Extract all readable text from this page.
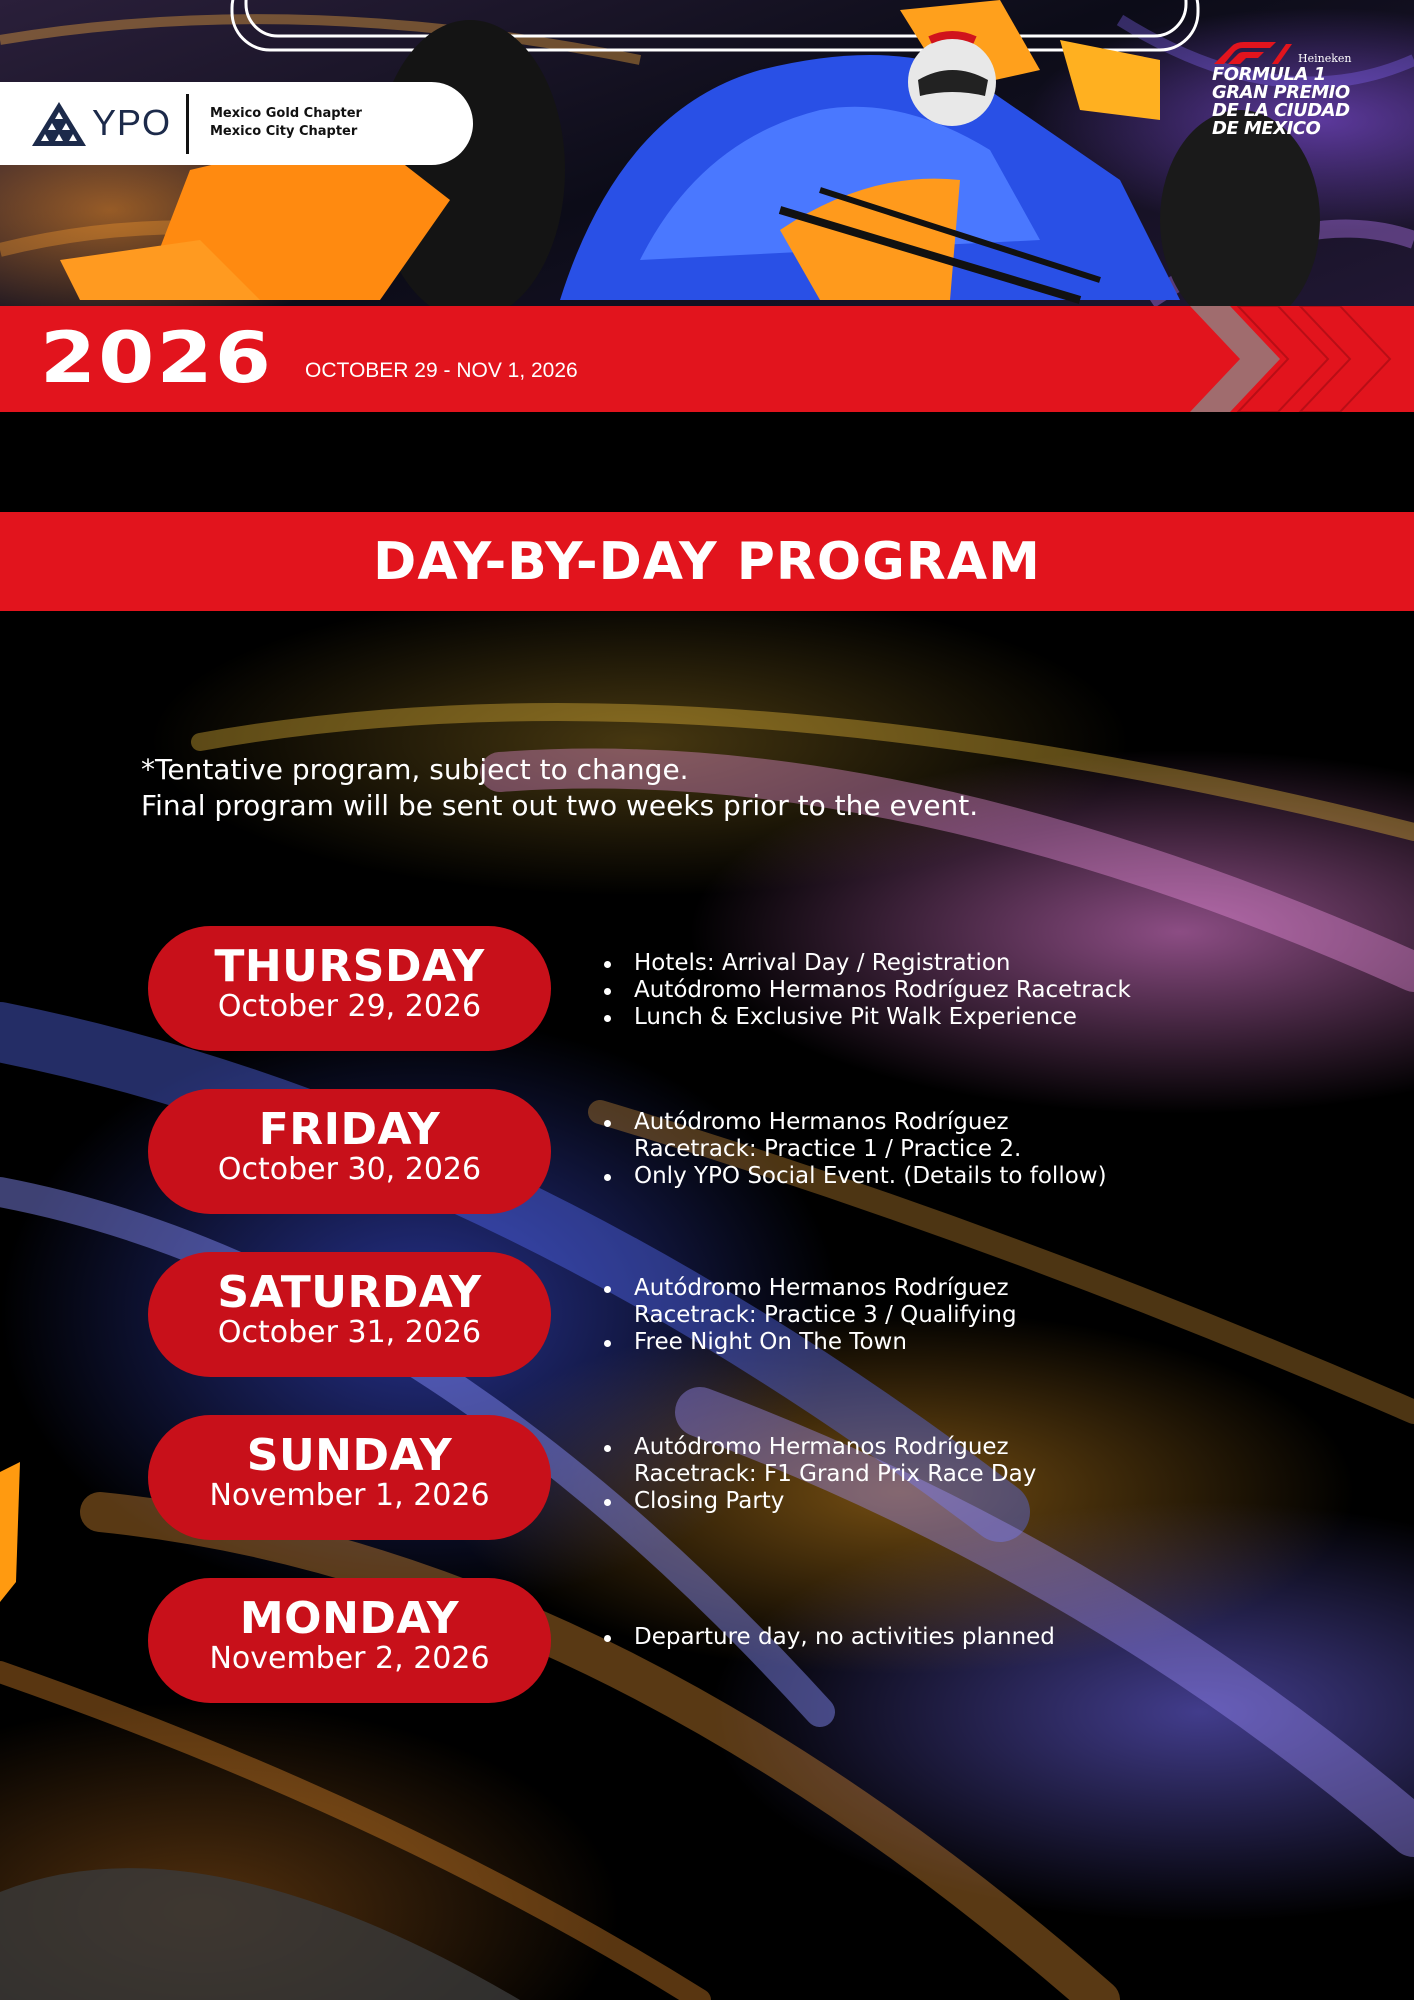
YPO	Mexico Gold Chapter
Mexico City Chapter
Heineken
FORMULA 1
GRAN PREMIO
DE LA CIUDAD
DE MEXICO
2026 OCTOBER 29 - NOV 1, 2026
DAY-BY-DAY PROGRAM
*Tentative program, subject to change.
Final program will be sent out two weeks prior to the event.
THURSDAY
October 29, 2026
Hotels: Arrival Day / Registration
Autódromo Hermanos Rodríguez Racetrack
Lunch & Exclusive Pit Walk Experience
FRIDAY
October 30, 2026
Autódromo Hermanos Rodríguez Racetrack: Practice 1 / Practice 2.
Only YPO Social Event. (Details to follow)
SATURDAY
October 31, 2026
Autódromo Hermanos Rodríguez Racetrack: Practice 3 / Qualifying
Free Night On The Town
SUNDAY
November 1, 2026
Autódromo Hermanos Rodríguez Racetrack: F1 Grand Prix Race Day
Closing Party
MONDAY
November 2, 2026
Departure day, no activities planned
